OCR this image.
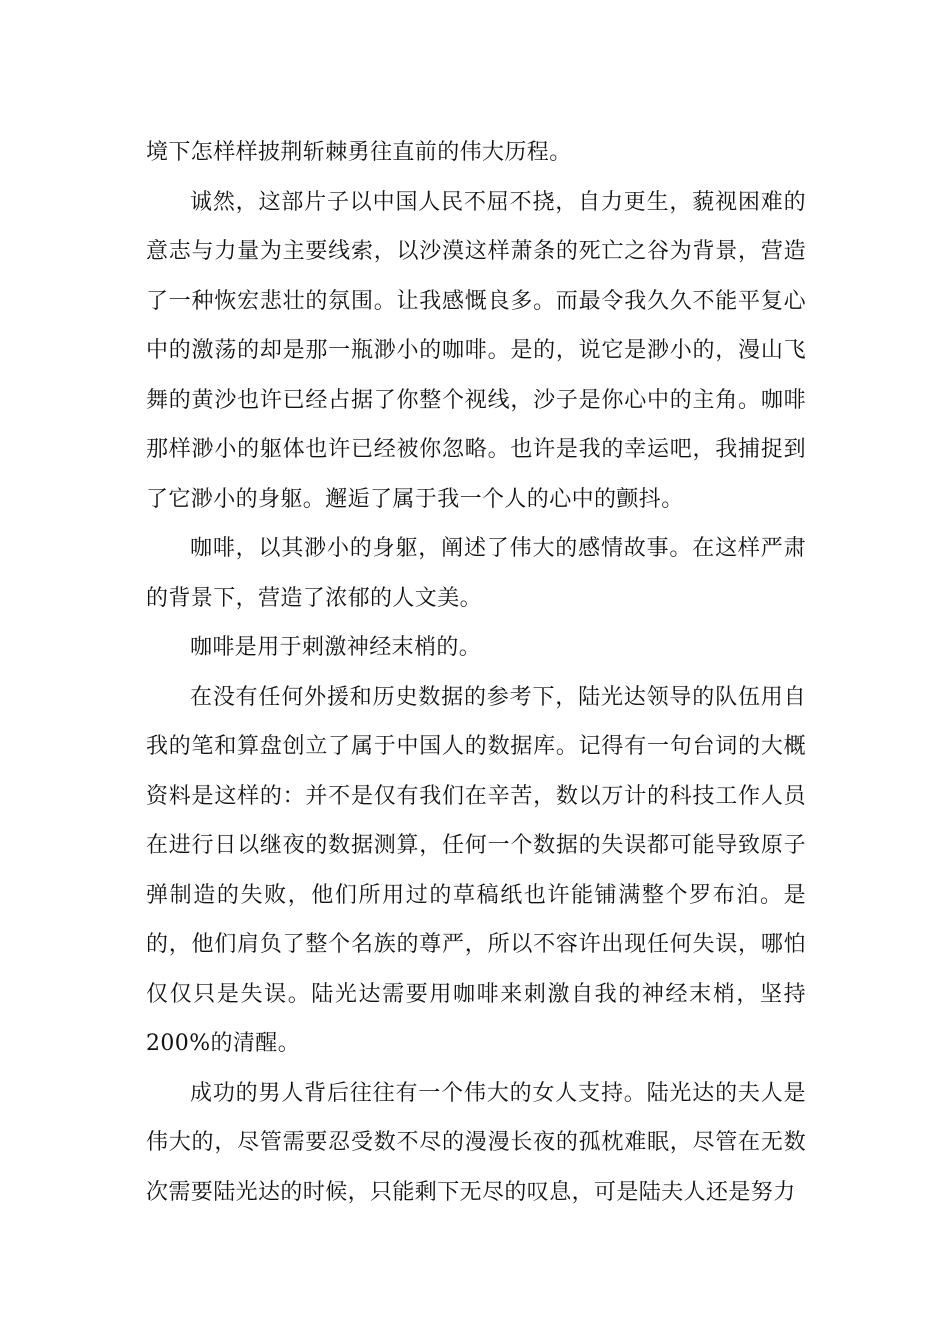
境下怎样样披荆斩棘勇往直前的伟大历程。

诚然，这部片子以中国人民不屈不挠，自力更生，藐视困难的意志与力量为主要线索，以沙漠这样萧条的死亡之谷为背景，营造了一种恢宏悲壮的氛围。让我感慨良多。而最令我久久不能平复心中的激荡的却是那一瓶渺小的咖啡。是的，说它是渺小的，漫山飞舞的黄沙也许已经占据了你整个视线，沙子是你心中的主角。咖啡那样渺小的躯体也许已经被你忽略。也许是我的幸运吧，我捕捉到了它渺小的身躯。邂逅了属于我一个人的心中的颤抖。

咖啡，以其渺小的身躯，阐述了伟大的感情故事。在这样严肃的背景下，营造了浓郁的人文美。

咖啡是用于刺激神经末梢的。

在没有任何外援和历史数据的参考下，陆光达领导的队伍用自我的笔和算盘创立了属于中国人的数据库。记得有一句台词的大概资料是这样的：并不是仅有我们在辛苦，数以万计的科技工作人员在进行日以继夜的数据测算，任何一个数据的失误都可能导致原子弹制造的失败，他们所用过的草稿纸也许能铺满整个罗布泊。是的，他们肩负了整个名族的尊严，所以不容许出现任何失误，哪怕仅仅只是失误。陆光达需要用咖啡来刺激自我的神经末梢，坚持 200%的清醒。

成功的男人背后往往有一个伟大的女人支持。陆光达的夫人是伟大的，尽管需要忍受数不尽的漫漫长夜的孤枕难眠，尽管在无数次需要陆光达的时候，只能剩下无尽的叹息，可是陆夫人还是努力
